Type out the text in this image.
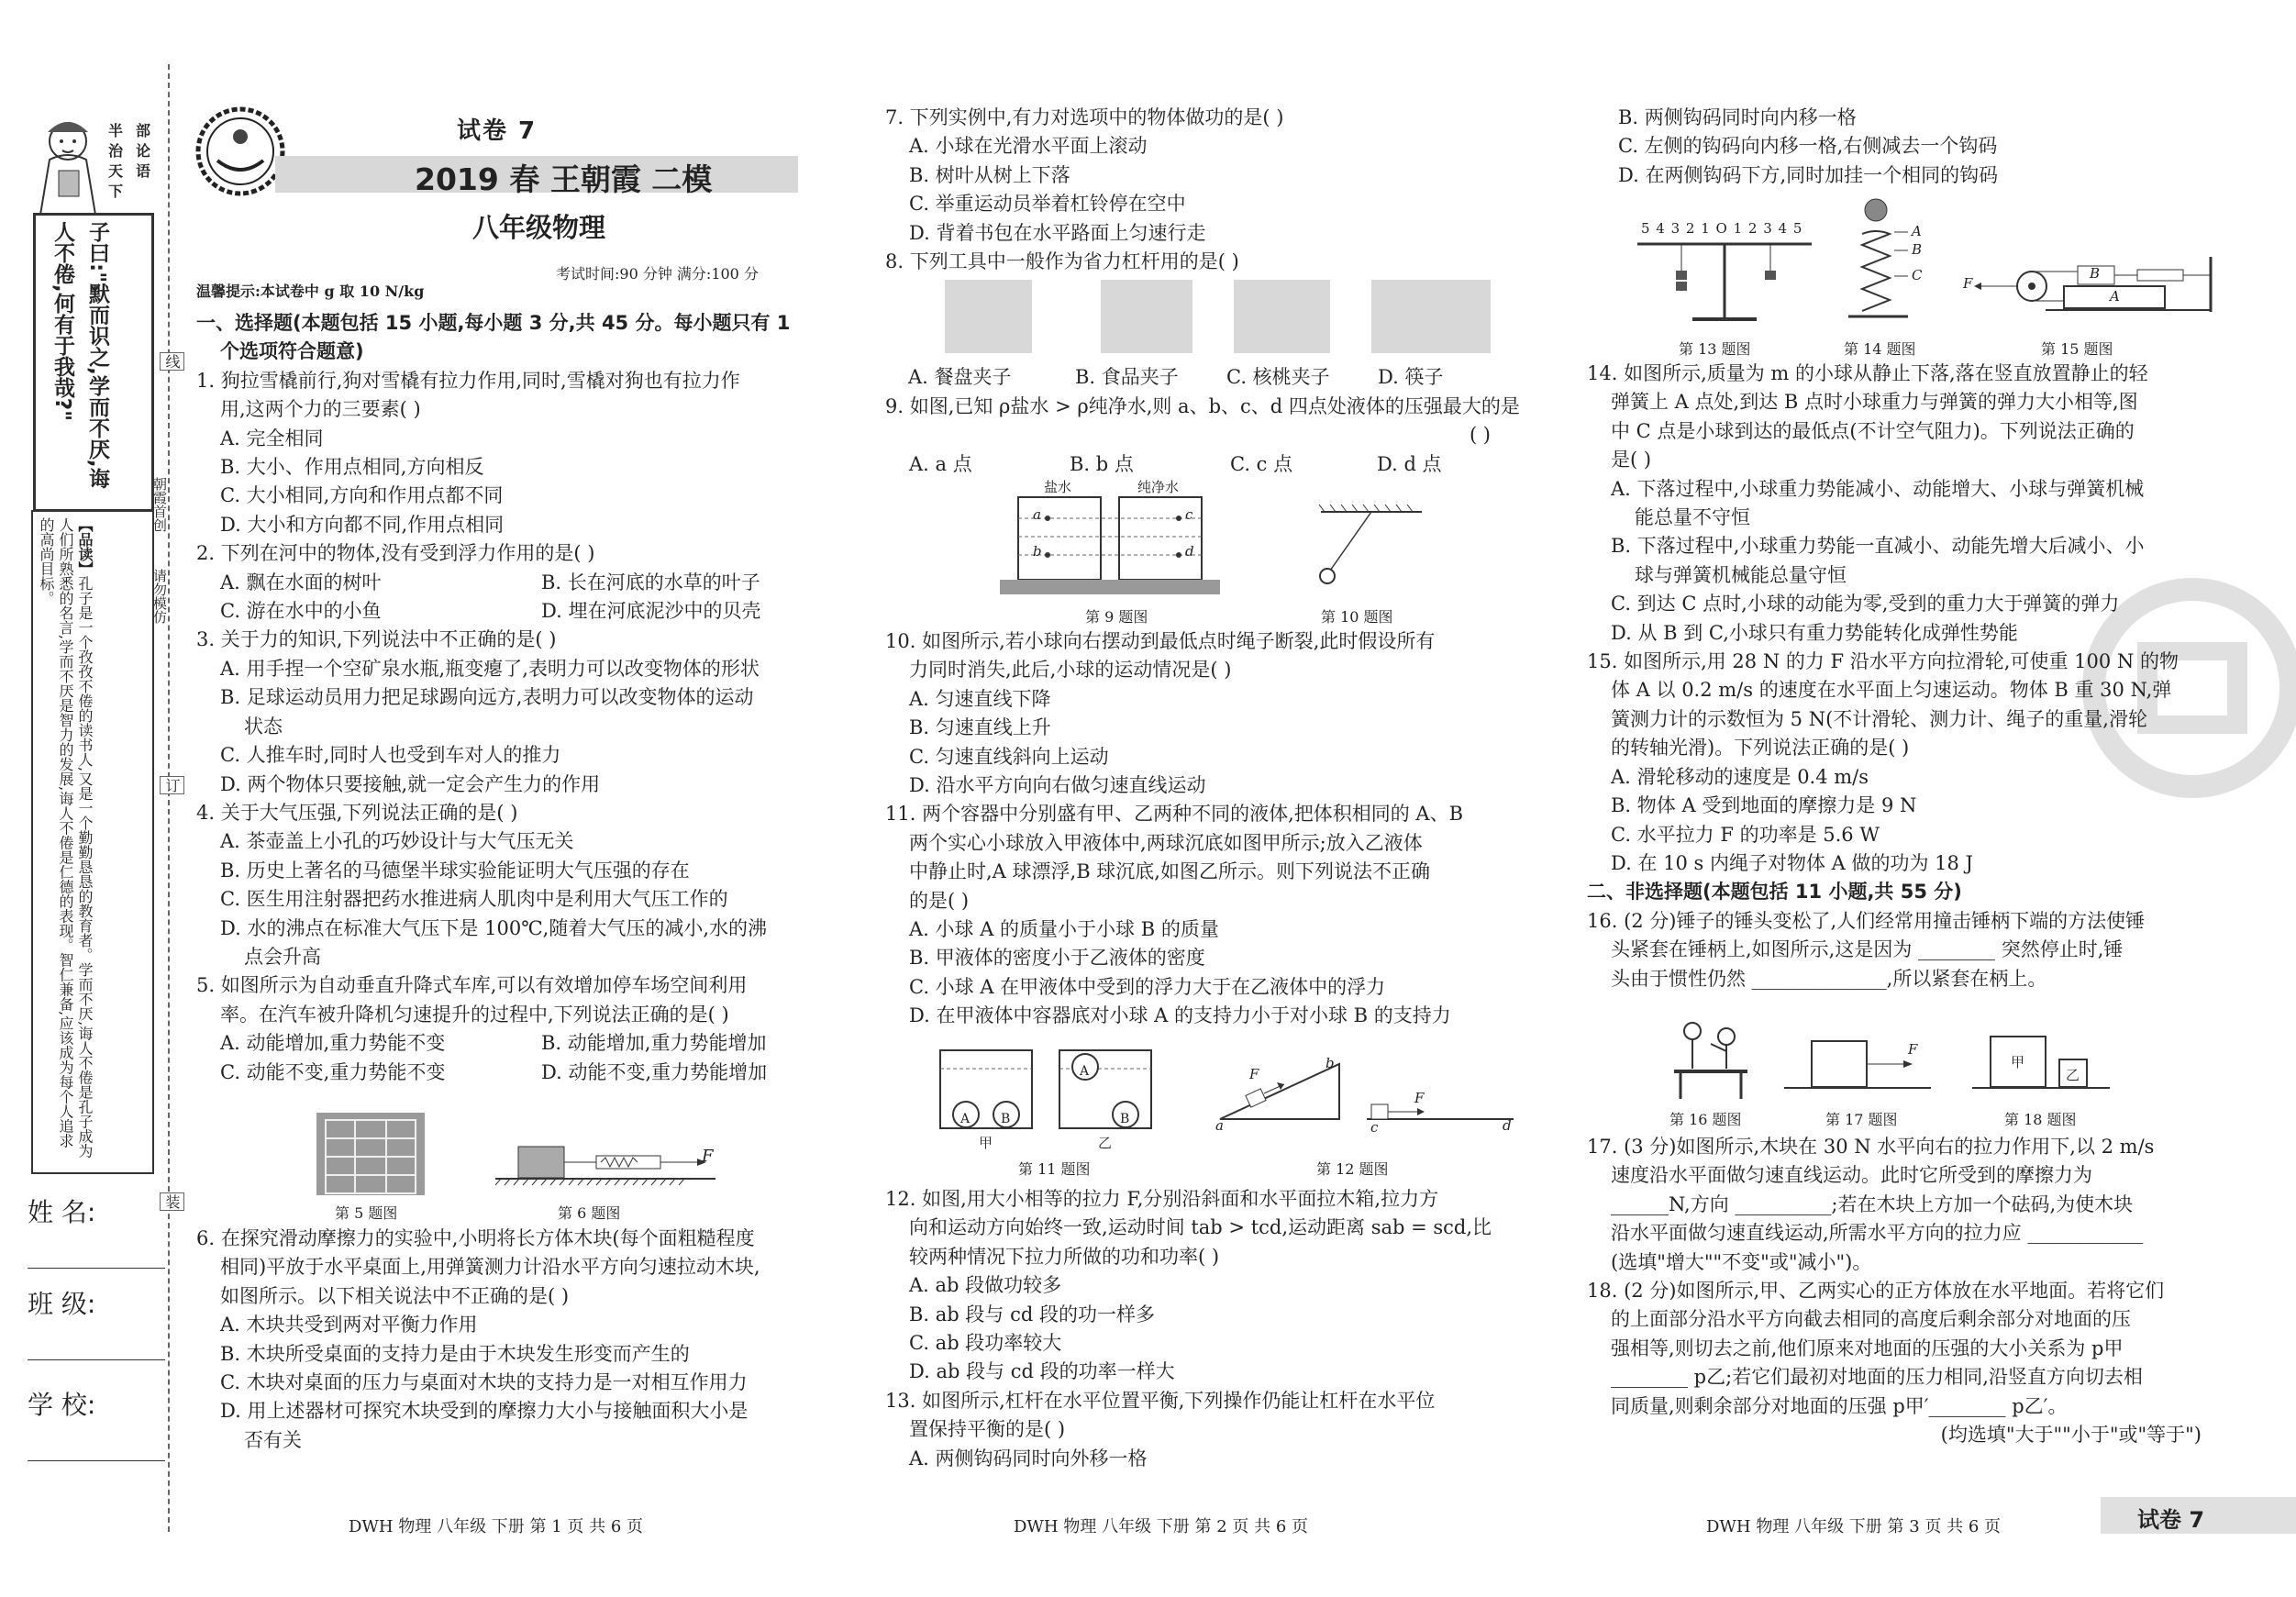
半 部
治 论
天 语
下
子曰:"默而识之,学而不厌,诲人不倦,何有于我哉?"
【品读】孔子是一个孜孜不倦的读书人,又是一个勤勤恳恳的教育者。学而不厌,诲人不倦是孔子成为人们所熟悉的名言,学而不厌是智力的发展,诲人不倦是仁德的表现。智仁兼备,应该成为每个人追求的高尚目标。
线
订
装
朝霞首创
请勿模仿
姓 名:
班 级:
学 校:
试卷 7
2019 春 王朝霞 二模
八年级物理
考试时间:90 分钟 满分:100 分
温馨提示:本试卷中 g 取 10 N/kg

一、选择题(本题包括 15 小题,每小题 3 分,共 45 分。每小题只有 1

个选项符合题意)

1. 狗拉雪橇前行,狗对雪橇有拉力作用,同时,雪橇对狗也有拉力作

用,这两个力的三要素( )

A. 完全相同

B. 大小、作用点相同,方向相反

C. 大小相同,方向和作用点都不同

D. 大小和方向都不同,作用点相同

2. 下列在河中的物体,没有受到浮力作用的是( )

A. 飘在水面的树叶	B. 长在河底的水草的叶子

C. 游在水中的小鱼	D. 埋在河底泥沙中的贝壳

3. 关于力的知识,下列说法中不正确的是( )

A. 用手捏一个空矿泉水瓶,瓶变瘪了,表明力可以改变物体的形状

B. 足球运动员用力把足球踢向远方,表明力可以改变物体的运动

状态

C. 人推车时,同时人也受到车对人的推力

D. 两个物体只要接触,就一定会产生力的作用

4. 关于大气压强,下列说法正确的是( )

A. 茶壶盖上小孔的巧妙设计与大气压无关

B. 历史上著名的马德堡半球实验能证明大气压强的存在

C. 医生用注射器把药水推进病人肌肉中是利用大气压工作的

D. 水的沸点在标准大气压下是 100℃,随着大气压的减小,水的沸

点会升高

5. 如图所示为自动垂直升降式车库,可以有效增加停车场空间利用

率。在汽车被升降机匀速提升的过程中,下列说法正确的是( )

A. 动能增加,重力势能不变	B. 动能增加,重力势能增加

C. 动能不变,重力势能不变	D. 动能不变,重力势能增加

F
第 5 题图	第 6 题图

6. 在探究滑动摩擦力的实验中,小明将长方体木块(每个面粗糙程度

相同)平放于水平桌面上,用弹簧测力计沿水平方向匀速拉动木块,

如图所示。以下相关说法中不正确的是( )

A. 木块共受到两对平衡力作用

B. 木块所受桌面的支持力是由于木块发生形变而产生的

C. 木块对桌面的压力与桌面对木块的支持力是一对相互作用力

D. 用上述器材可探究木块受到的摩擦力大小与接触面积大小是

否有关

7. 下列实例中,有力对选项中的物体做功的是( )

A. 小球在光滑水平面上滚动

B. 树叶从树上下落

C. 举重运动员举着杠铃停在空中

D. 背着书包在水平路面上匀速行走

8. 下列工具中一般作为省力杠杆用的是( )

A. 餐盘夹子	B. 食品夹子 C. 核桃夹子 D. 筷子

9. 如图,已知 ρ盐水 > ρ纯净水,则 a、b、c、d 四点处液体的压强最大的是

( )

A. a 点	B. b 点	C. c 点	D. d 点

盐水	纯净水
a
b
c
d
第 9 题图	第 10 题图

10. 如图所示,若小球向右摆动到最低点时绳子断裂,此时假设所有

力同时消失,此后,小球的运动情况是( )

A. 匀速直线下降

B. 匀速直线上升

C. 匀速直线斜向上运动

D. 沿水平方向向右做匀速直线运动

11. 两个容器中分别盛有甲、乙两种不同的液体,把体积相同的 A、B

两个实心小球放入甲液体中,两球沉底如图甲所示;放入乙液体

中静止时,A 球漂浮,B 球沉底,如图乙所示。则下列说法不正确

的是( )

A. 小球 A 的质量小于小球 B 的质量

B. 甲液体的密度小于乙液体的密度

C. 小球 A 在甲液体中受到的浮力大于在乙液体中的浮力

D. 在甲液体中容器底对小球 A 的支持力小于对小球 B 的支持力

A B
甲
A
B
乙
F
b
a
F
c	d
第 11 题图	第 12 题图

12. 如图,用大小相等的拉力 F,分别沿斜面和水平面拉木箱,拉力方

向和运动方向始终一致,运动时间 tab > tcd,运动距离 sab = scd,比

较两种情况下拉力所做的功和功率( )

A. ab 段做功较多

B. ab 段与 cd 段的功一样多

C. ab 段功率较大

D. ab 段与 cd 段的功率一样大

13. 如图所示,杠杆在水平位置平衡,下列操作仍能让杠杆在水平位

置保持平衡的是( )

A. 两侧钩码同时向外移一格

B. 两侧钩码同时向内移一格

C. 左侧的钩码向内移一格,右侧减去一个钩码

D. 在两侧钩码下方,同时加挂一个相同的钩码

5 4 3 2 1 O 1 2 3 4 5	A
B
C	F
B
A
第 13 题图	第 14 题图	第 15 题图

14. 如图所示,质量为 m 的小球从静止下落,落在竖直放置静止的轻

弹簧上 A 点处,到达 B 点时小球重力与弹簧的弹力大小相等,图

中 C 点是小球到达的最低点(不计空气阻力)。下列说法正确的

是( )

A. 下落过程中,小球重力势能减小、动能增大、小球与弹簧机械

能总量不守恒

B. 下落过程中,小球重力势能一直减小、动能先增大后减小、小

球与弹簧机械能总量守恒

C. 到达 C 点时,小球的动能为零,受到的重力大于弹簧的弹力

D. 从 B 到 C,小球只有重力势能转化成弹性势能

15. 如图所示,用 28 N 的力 F 沿水平方向拉滑轮,可使重 100 N 的物

体 A 以 0.2 m/s 的速度在水平面上匀速运动。物体 B 重 30 N,弹

簧测力计的示数恒为 5 N(不计滑轮、测力计、绳子的重量,滑轮

的转轴光滑)。下列说法正确的是( )

A. 滑轮移动的速度是 0.4 m/s

B. 物体 A 受到地面的摩擦力是 9 N

C. 水平拉力 F 的功率是 5.6 W

D. 在 10 s 内绳子对物体 A 做的功为 18 J

二、非选择题(本题包括 11 小题,共 55 分)

16. (2 分)锤子的锤头变松了,人们经常用撞击锤柄下端的方法使锤

头紧套在锤柄上,如图所示,这是因为 ________ 突然停止时,锤

头由于惯性仍然 ______________,所以紧套在柄上。

F
甲
乙
第 16 题图	第 17 题图	第 18 题图

17. (3 分)如图所示,木块在 30 N 水平向右的拉力作用下,以 2 m/s

速度沿水平面做匀速直线运动。此时它所受到的摩擦力为

______N,方向 __________;若在木块上方加一个砝码,为使木块

沿水平面做匀速直线运动,所需水平方向的拉力应 ____________

(选填"增大""不变"或"减小")。

18. (2 分)如图所示,甲、乙两实心的正方体放在水平地面。若将它们

的上面部分沿水平方向截去相同的高度后剩余部分对地面的压

强相等,则切去之前,他们原来对地面的压强的大小关系为 p甲

________ p乙;若它们最初对地面的压力相同,沿竖直方向切去相

同质量,则剩余部分对地面的压强 p甲′________ p乙′。

(均选填"大于""小于"或"等于")

DWH 物理 八年级 下册 第 1 页 共 6 页	DWH 物理 八年级 下册 第 2 页 共 6 页	DWH 物理 八年级 下册 第 3 页 共 6 页	试卷 7
